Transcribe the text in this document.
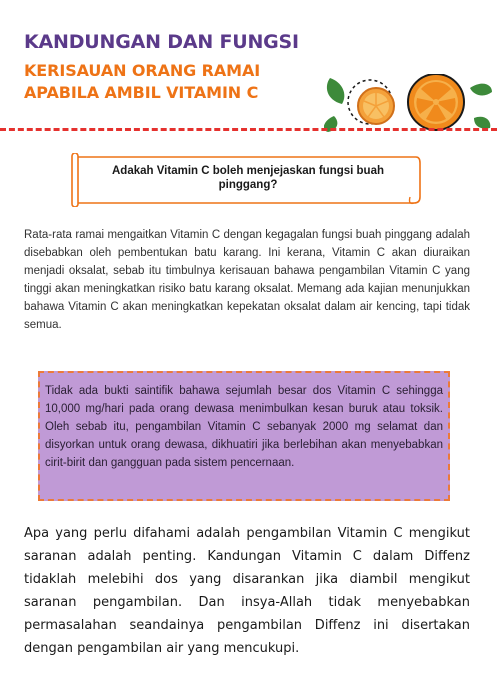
KANDUNGAN DAN FUNGSI
KERISAUAN ORANG RAMAI
APABILA AMBIL VITAMIN C

Adakah Vitamin C boleh menjejaskan fungsi buah pinggang?

Rata-rata ramai mengaitkan Vitamin C dengan kegagalan fungsi buah pinggang adalah disebabkan oleh pembentukan batu karang. Ini kerana, Vitamin C akan diuraikan menjadi oksalat, sebab itu timbulnya kerisauan bahawa pengambilan Vitamin C yang tinggi akan meningkatkan risiko batu karang oksalat. Memang ada kajian menunjukkan bahawa Vitamin C akan meningkatkan kepekatan oksalat dalam air kencing, tapi tidak semua.

Tidak ada bukti saintifik bahawa sejumlah besar dos Vitamin C sehingga 10,000 mg/hari pada orang dewasa menimbulkan kesan buruk atau toksik. Oleh sebab itu, pengambilan Vitamin C sebanyak 2000 mg selamat dan disyorkan untuk orang dewasa, dikhuatiri jika berlebihan akan menyebabkan cirit-birit dan gangguan pada sistem pencernaan.

Apa yang perlu difahami adalah pengambilan Vitamin C mengikut saranan adalah penting. Kandungan Vitamin C dalam Diffenz tidaklah melebihi dos yang disarankan jika diambil mengikut saranan pengambilan. Dan insya-Allah tidak menyebabkan permasalahan seandainya pengambilan Diffenz ini disertakan dengan pengambilan air yang mencukupi.
